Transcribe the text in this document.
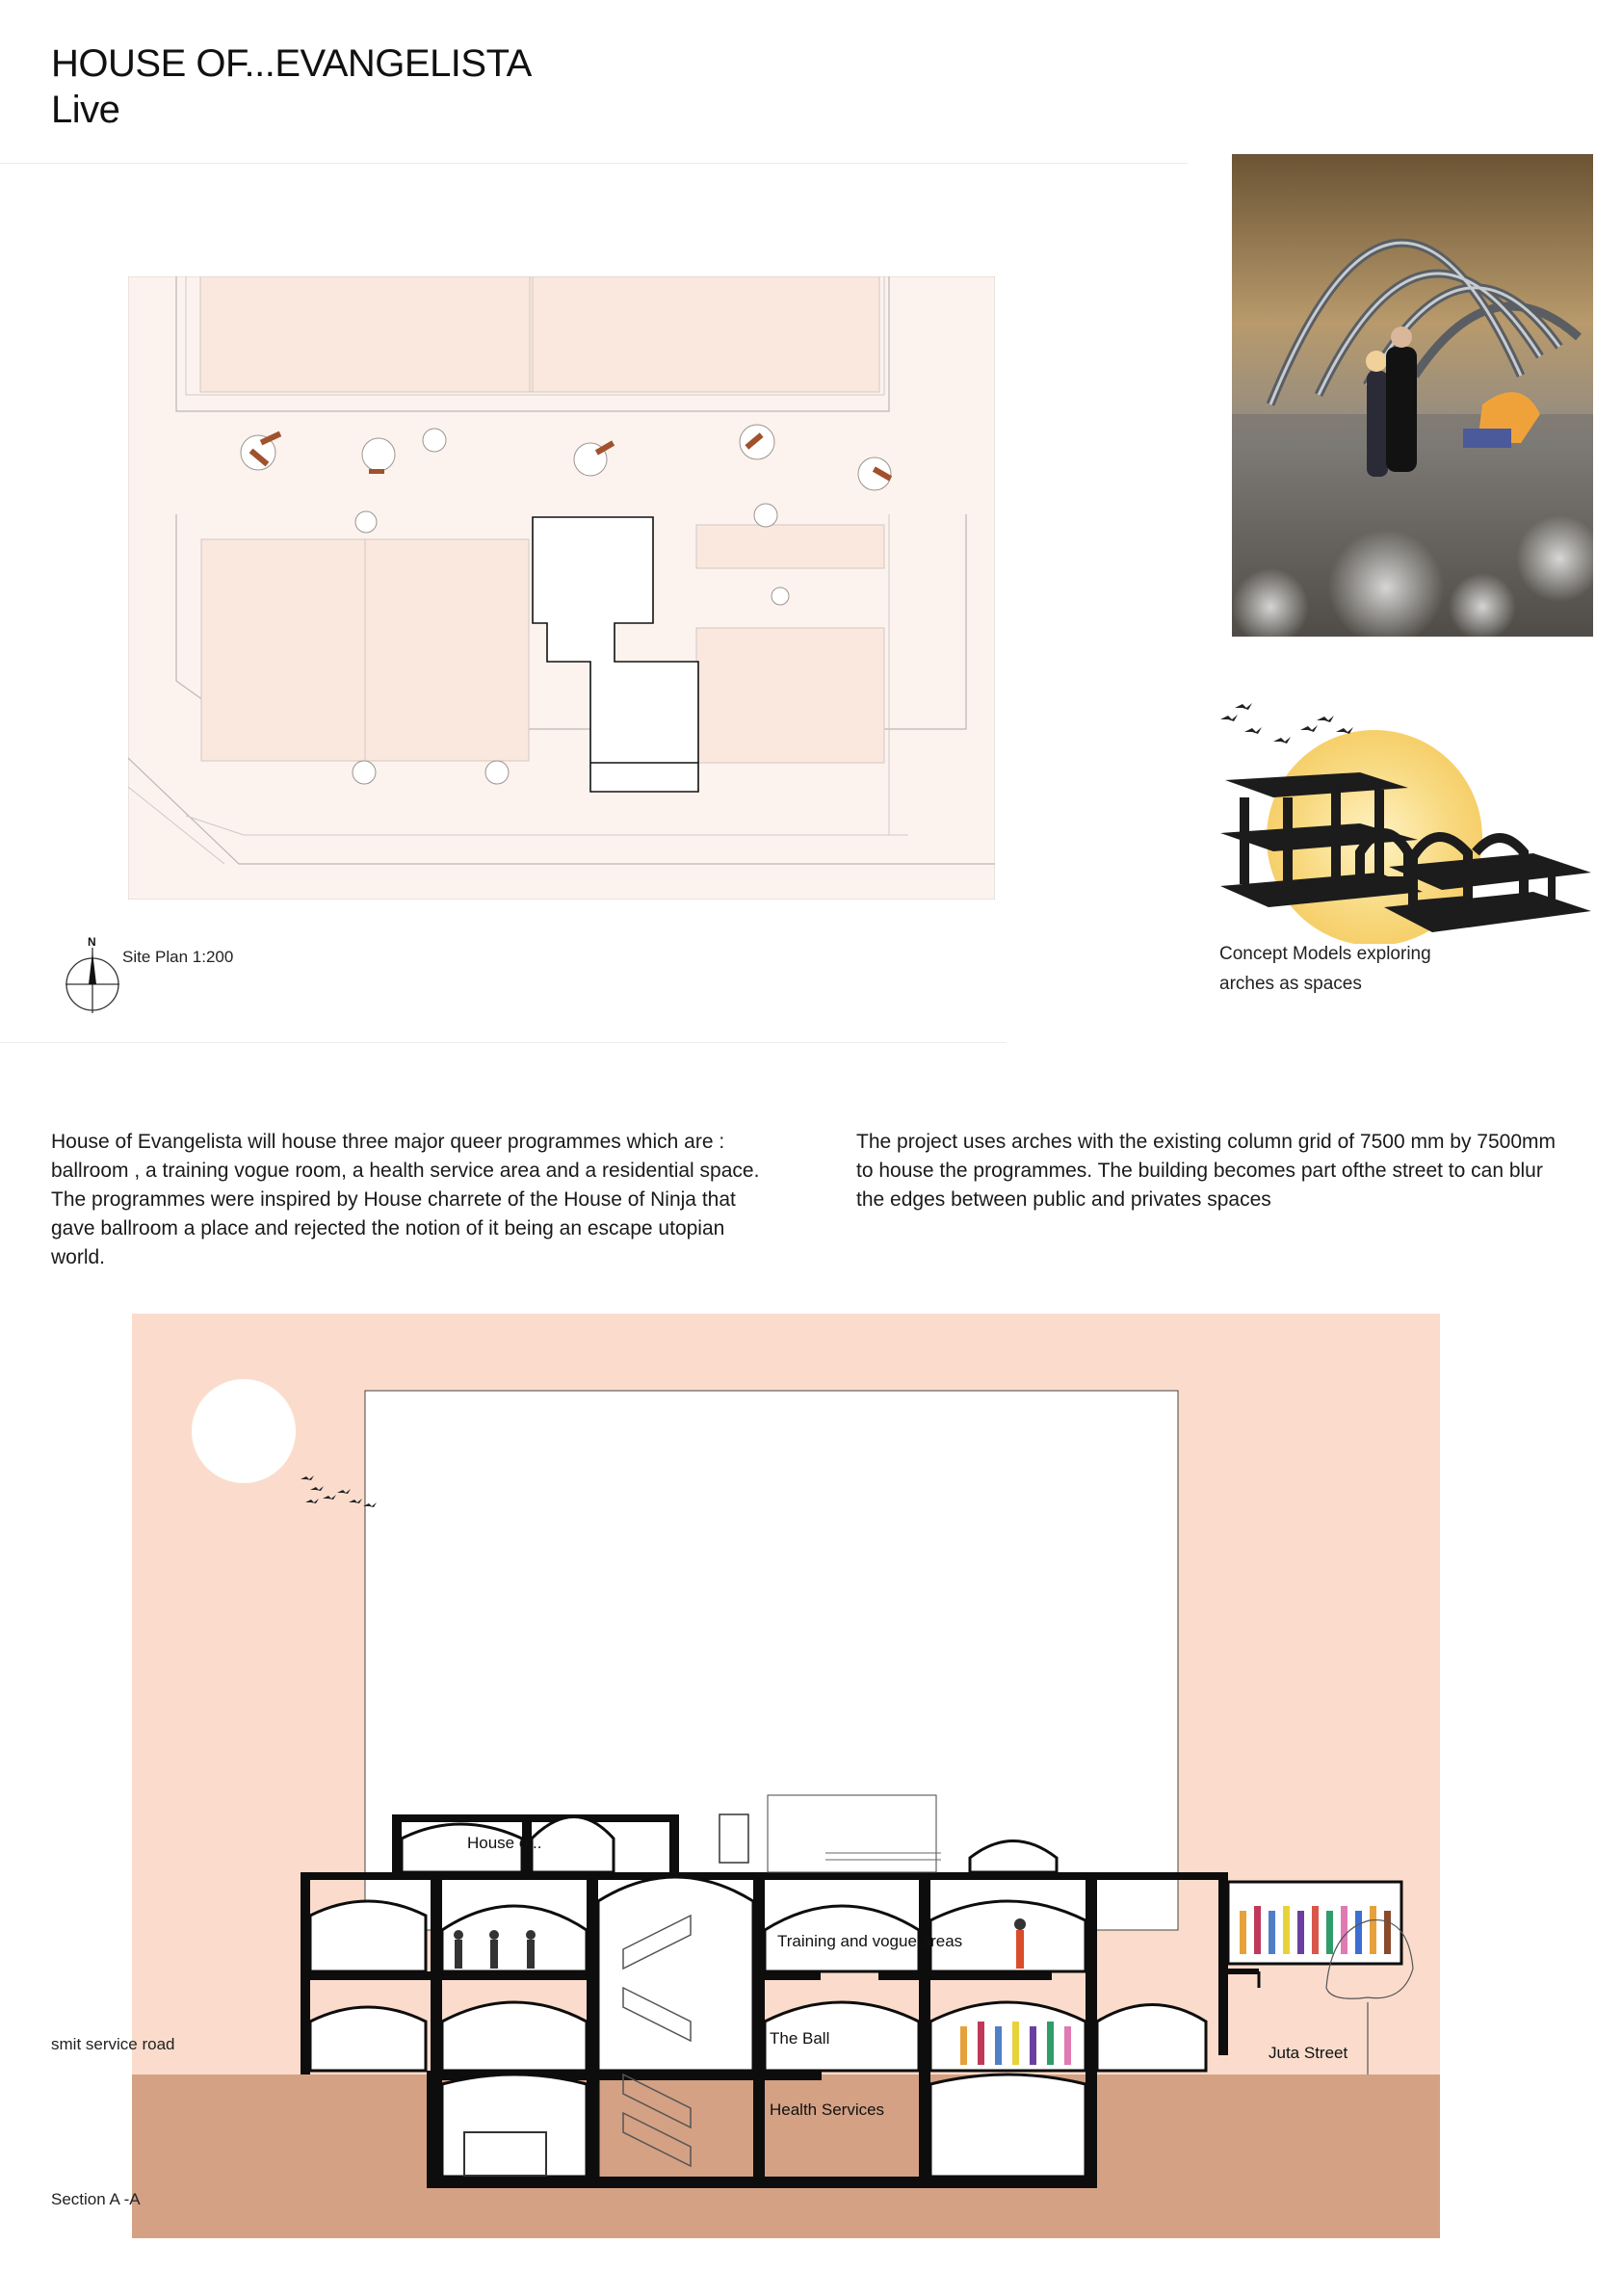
HOUSE OF...EVANGELISTA
Live
N
Site Plan 1:200	Concept Models exploring
arches as spaces
House of Evangelista will house three major queer programmes which are :
ballroom , a training vogue room, a health service area and a residential space.
The programmes were inspired by House charrete of the House of Ninja that
gave ballroom a place and rejected the notion of it being an escape utopian
world.
The project uses arches with the existing column grid of 7500 mm by 7500mm
to house the programmes. The building becomes part ofthe street to can blur
the edges between public and privates spaces
House of..
Training and vogue areas
The Ball
Health Services
Juta Street
smit service road
Section A -A
